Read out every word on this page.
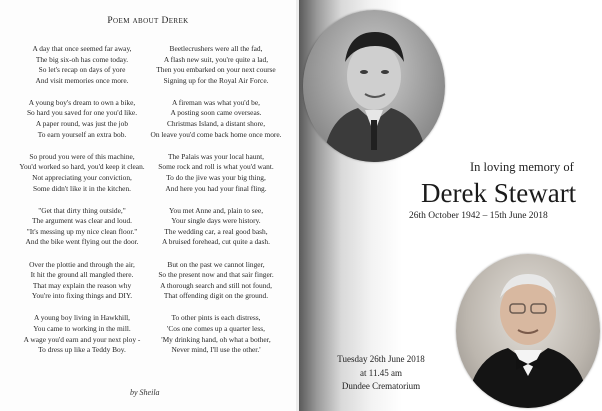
Poem about Derek
A day that once seemed far away,
The big six-oh has come today.
So let's recap on days of yore
And visit memories once more.
A young boy's dream to own a bike,
So hard you saved for one you'd like.
A paper round, was just the job
To earn yourself an extra bob.
So proud you were of this machine,
You'd worked so hard, you'd keep it clean.
Not appreciating your conviction,
Some didn't like it in the kitchen.
"Get that dirty thing outside,"
The argument was clear and loud.
"It's messing up my nice clean floor."
And the bike went flying out the door.
Over the plottie and through the air,
It hit the ground all mangled there.
That may explain the reason why
You're into fixing things and DIY.
A young boy living in Hawkhill,
You came to working in the mill.
A wage you'd earn and your next ploy -
To dress up like a Teddy Boy.
Beetlecrushers were all the fad,
A flash new suit, you're quite a lad,
Then you embarked on your next course
Signing up for the Royal Air Force.
A fireman was what you'd be,
A posting soon came overseas.
Christmas Island, a distant shore,
On leave you'd come back home once more.
The Palais was your local haunt,
Some rock and roll is what you'd want.
To do the jive was your big thing,
And here you had your final fling.
You met Anne and, plain to see,
Your single days were history.
The wedding car, a real good bash,
A bruised forehead, cut quite a dash.
But on the past we cannot linger,
So the present now and that sair finger.
A thorough search and still not found,
That offending digit on the ground.
To other pints is each distress,
'Cos one comes up a quarter less,
'My drinking hand, oh what a bother,
Never mind, I'll use the other.'
by Sheila
In loving memory of
Derek Stewart
26th October 1942 – 15th June 2018
Tuesday 26th June 2018
at 11.45 am
Dundee Crematorium
